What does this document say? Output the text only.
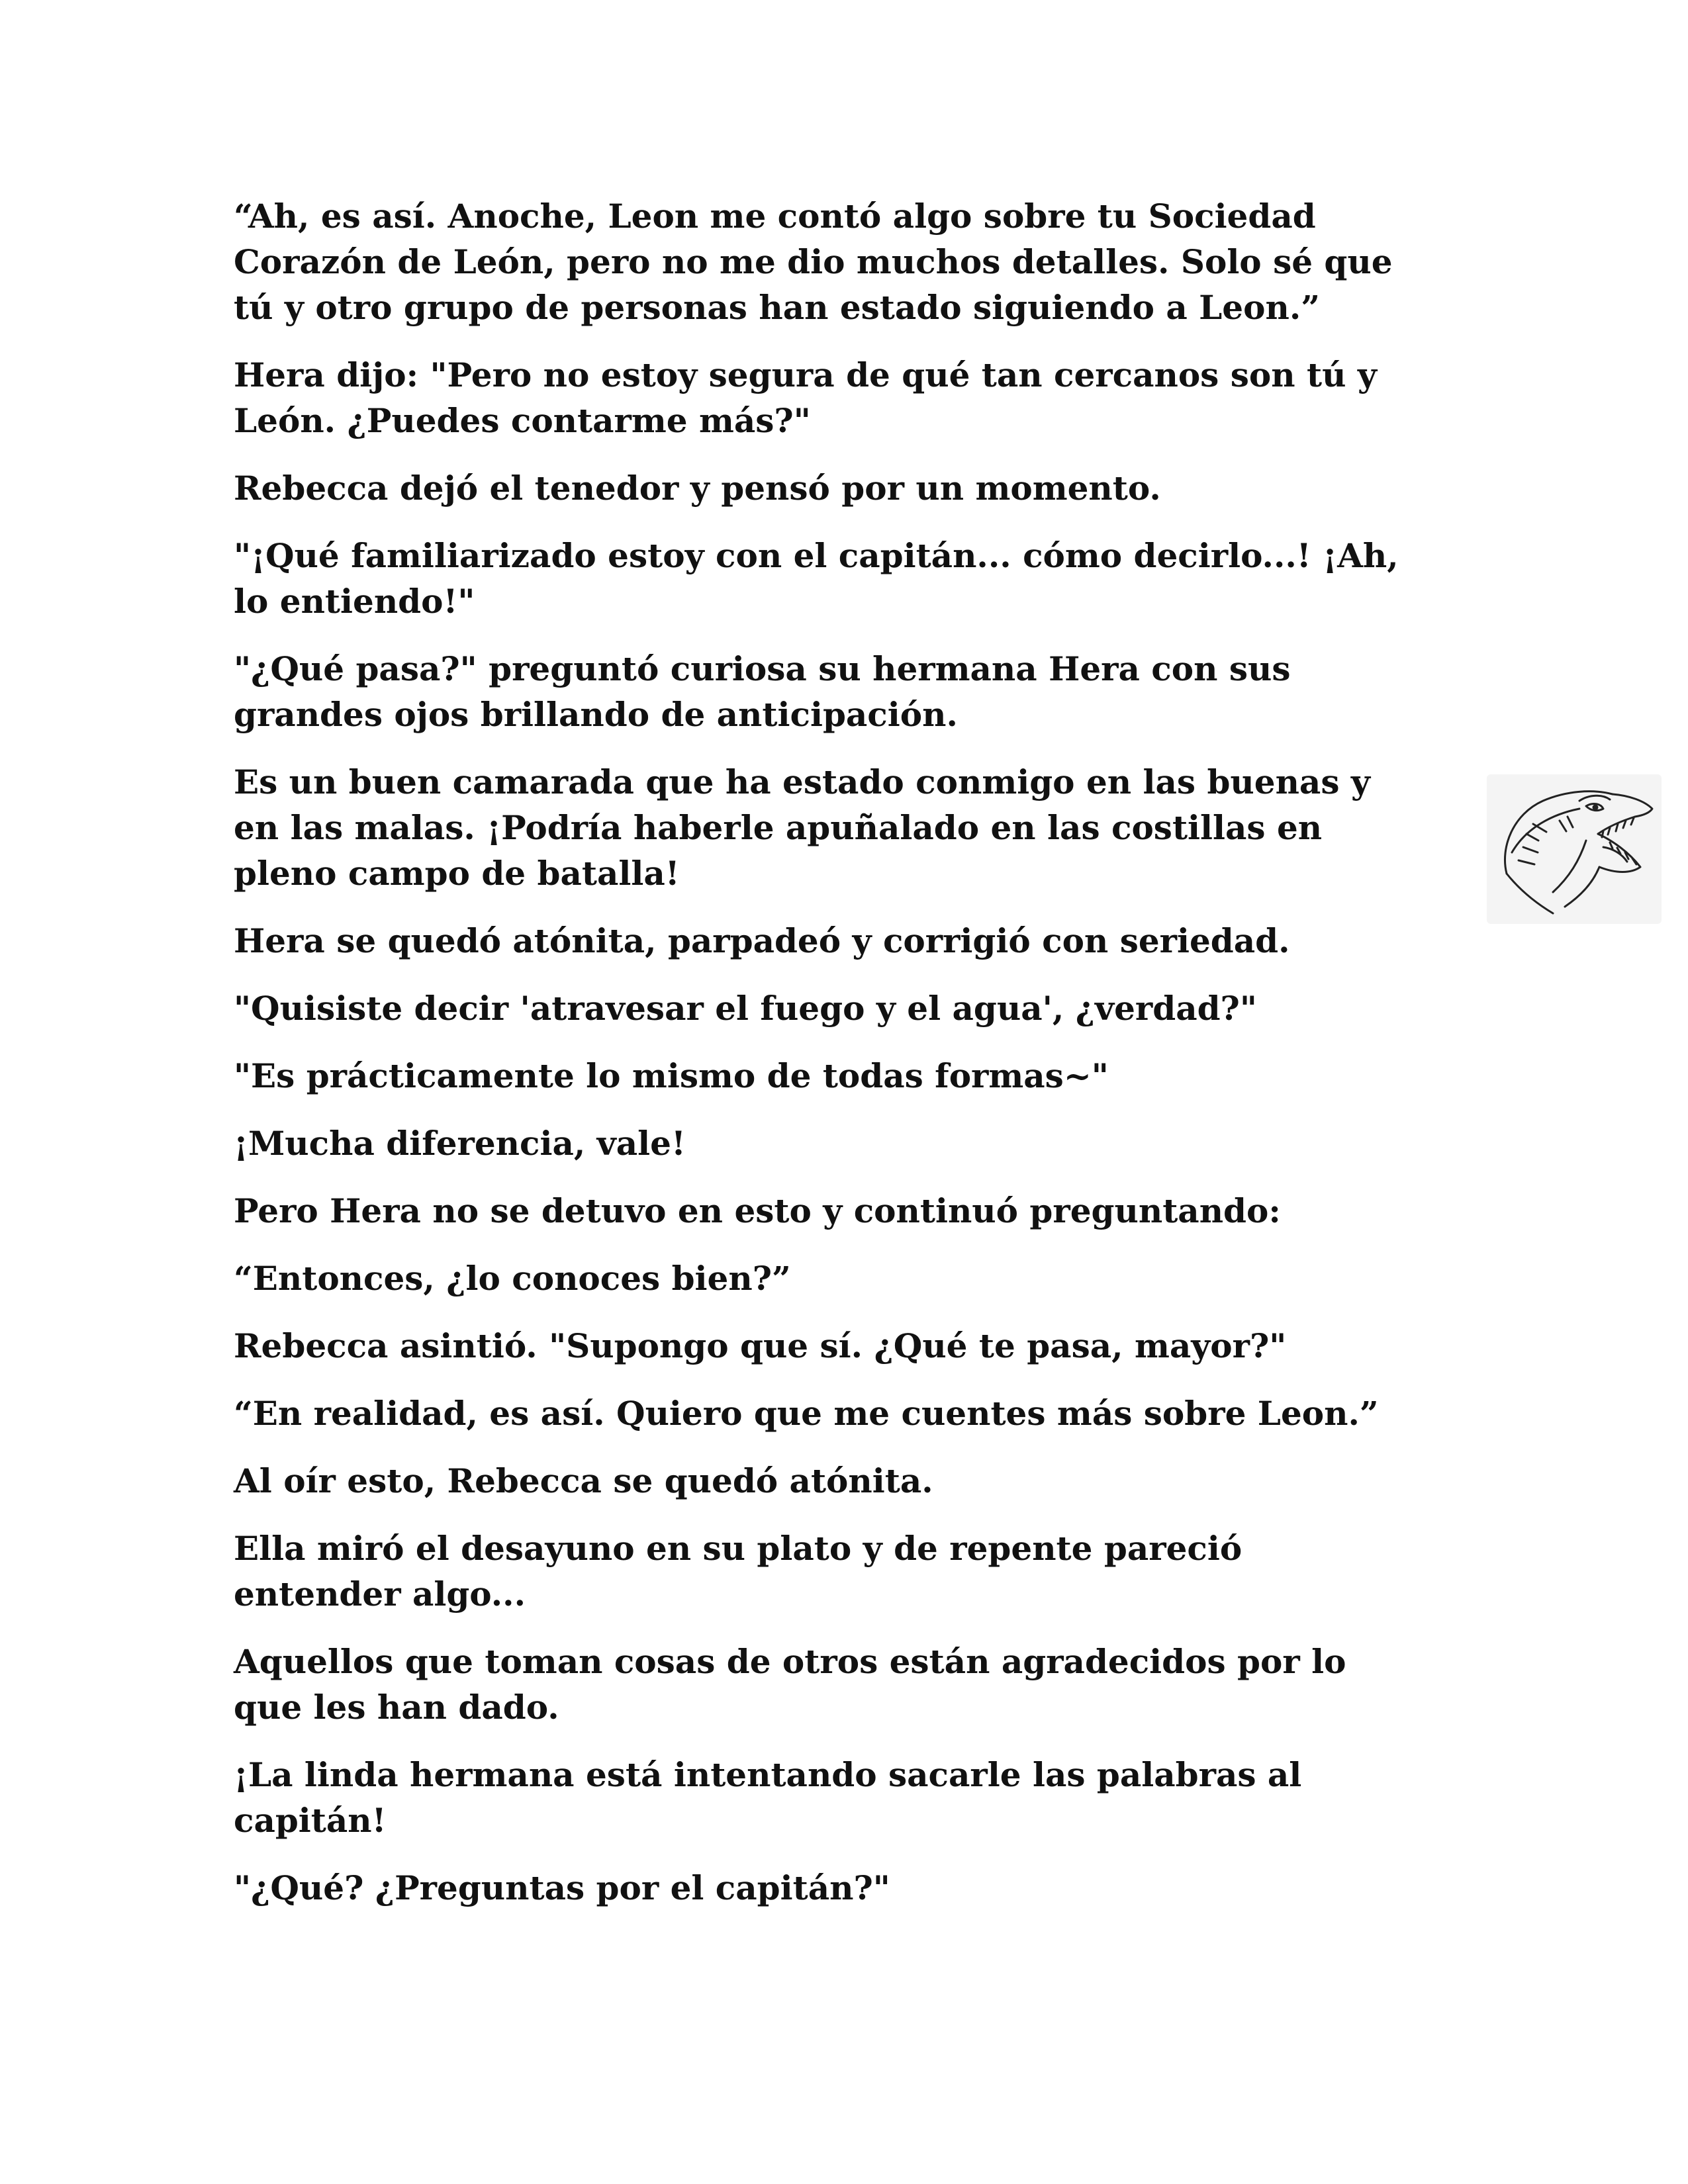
“Ah, es así. Anoche, Leon me contó algo sobre tu Sociedad
Corazón de León, pero no me dio muchos detalles. Solo sé que
tú y otro grupo de personas han estado siguiendo a Leon.”

Hera dijo: "Pero no estoy segura de qué tan cercanos son tú y
León. ¿Puedes contarme más?"

Rebecca dejó el tenedor y pensó por un momento.

"¡Qué familiarizado estoy con el capitán... cómo decirlo...! ¡Ah,
lo entiendo!"

"¿Qué pasa?" preguntó curiosa su hermana Hera con sus
grandes ojos brillando de anticipación.

Es un buen camarada que ha estado conmigo en las buenas y
en las malas. ¡Podría haberle apuñalado en las costillas en
pleno campo de batalla!

Hera se quedó atónita, parpadeó y corrigió con seriedad.

"Quisiste decir 'atravesar el fuego y el agua', ¿verdad?"

"Es prácticamente lo mismo de todas formas~"

¡Mucha diferencia, vale!

Pero Hera no se detuvo en esto y continuó preguntando:

“Entonces, ¿lo conoces bien?”

Rebecca asintió. "Supongo que sí. ¿Qué te pasa, mayor?"

“En realidad, es así. Quiero que me cuentes más sobre Leon.”

Al oír esto, Rebecca se quedó atónita.

Ella miró el desayuno en su plato y de repente pareció
entender algo...

Aquellos que toman cosas de otros están agradecidos por lo
que les han dado.

¡La linda hermana está intentando sacarle las palabras al
capitán!

"¿Qué? ¿Preguntas por el capitán?"
